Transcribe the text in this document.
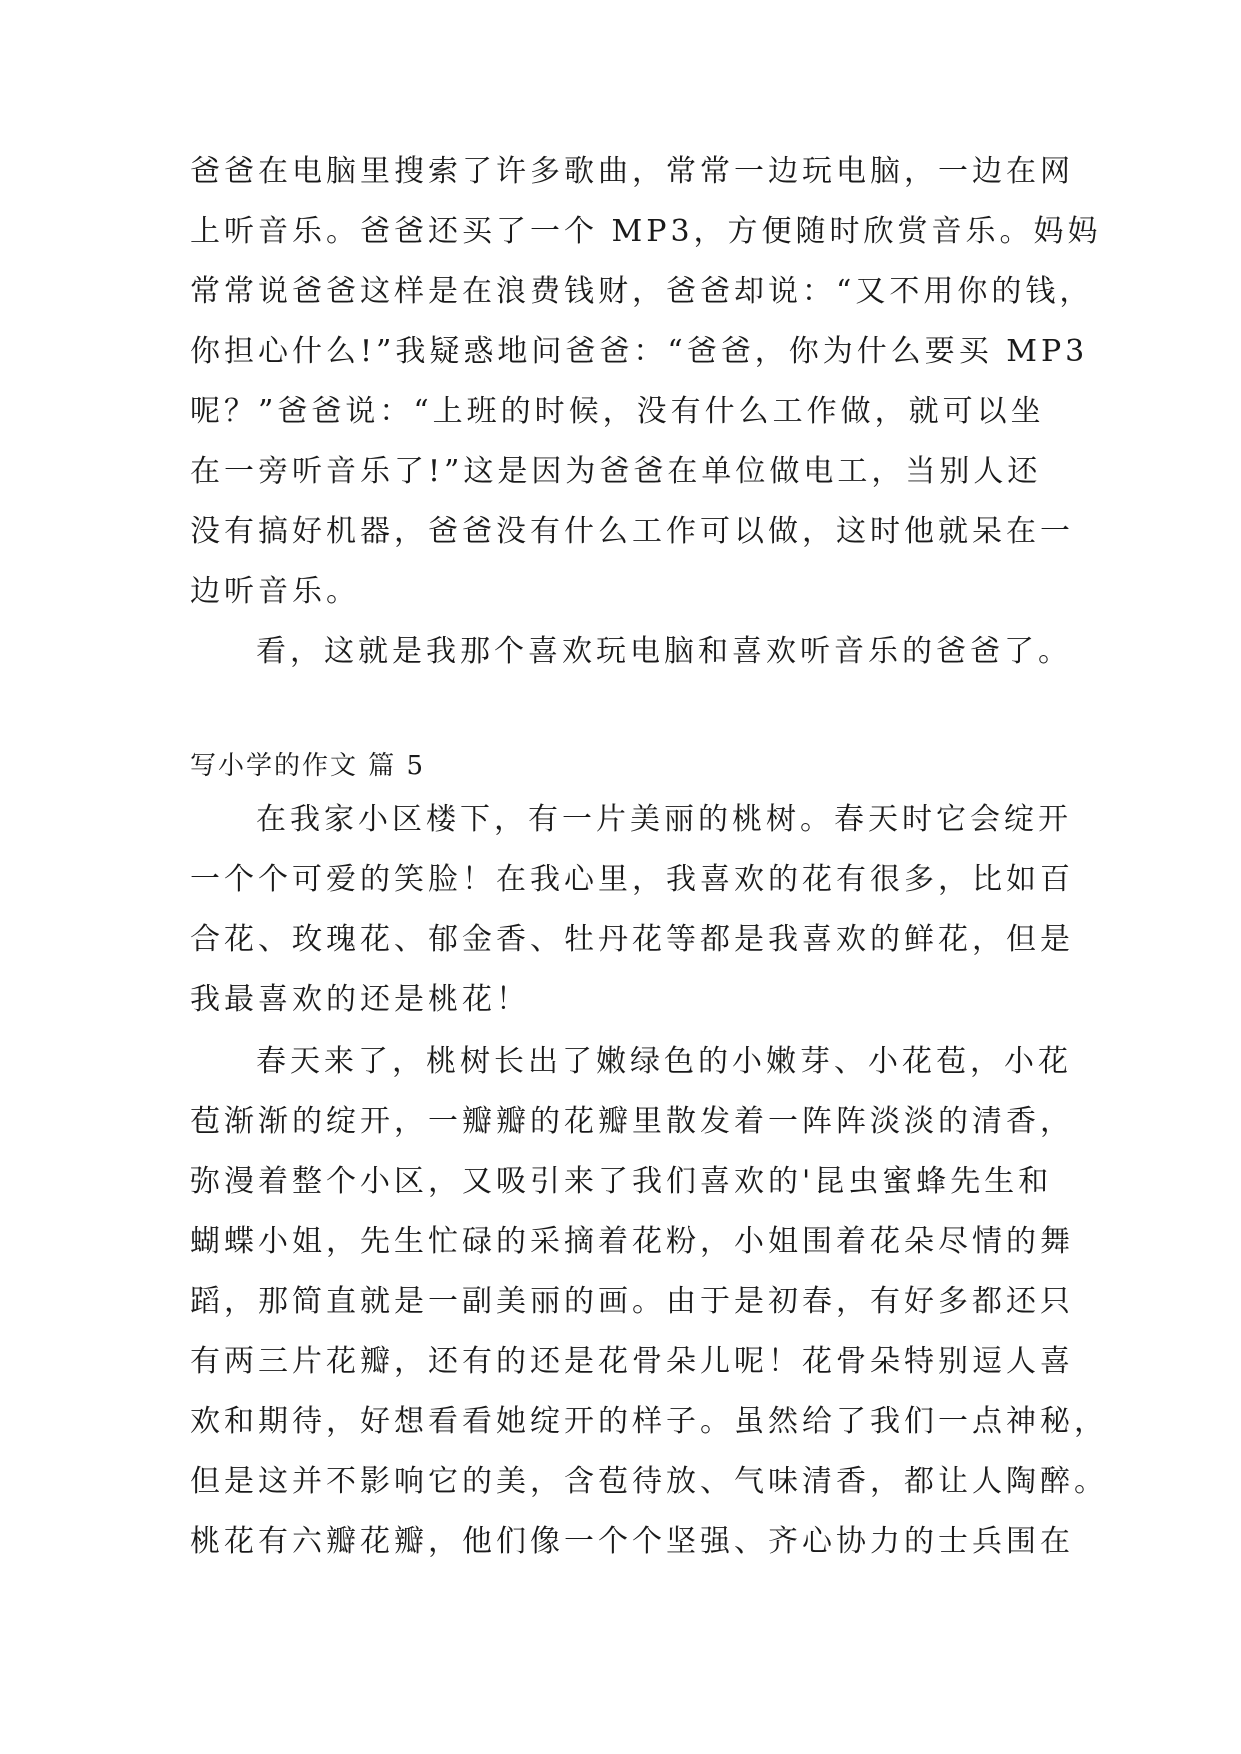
爸爸在电脑里搜索了许多歌曲，常常一边玩电脑，一边在网
上听音乐。爸爸还买了一个 MP3，方便随时欣赏音乐。妈妈
常常说爸爸这样是在浪费钱财，爸爸却说：“又不用你的钱，
你担心什么!”我疑惑地问爸爸：“爸爸，你为什么要买 MP3
呢？”爸爸说：“上班的时候，没有什么工作做，就可以坐
在一旁听音乐了!”这是因为爸爸在单位做电工，当别人还
没有搞好机器，爸爸没有什么工作可以做，这时他就呆在一
边听音乐。
看，这就是我那个喜欢玩电脑和喜欢听音乐的爸爸了。
写小学的作文 篇 5
在我家小区楼下，有一片美丽的桃树。春天时它会绽开
一个个可爱的笑脸！在我心里，我喜欢的花有很多，比如百
合花、玫瑰花、郁金香、牡丹花等都是我喜欢的鲜花，但是
我最喜欢的还是桃花！
春天来了，桃树长出了嫩绿色的小嫩芽、小花苞，小花
苞渐渐的绽开，一瓣瓣的花瓣里散发着一阵阵淡淡的清香，
弥漫着整个小区，又吸引来了我们喜欢的'昆虫蜜蜂先生和
蝴蝶小姐，先生忙碌的采摘着花粉，小姐围着花朵尽情的舞
蹈，那简直就是一副美丽的画。由于是初春，有好多都还只
有两三片花瓣，还有的还是花骨朵儿呢！花骨朵特别逗人喜
欢和期待，好想看看她绽开的样子。虽然给了我们一点神秘，
但是这并不影响它的美，含苞待放、气味清香，都让人陶醉。
桃花有六瓣花瓣，他们像一个个坚强、齐心协力的士兵围在
